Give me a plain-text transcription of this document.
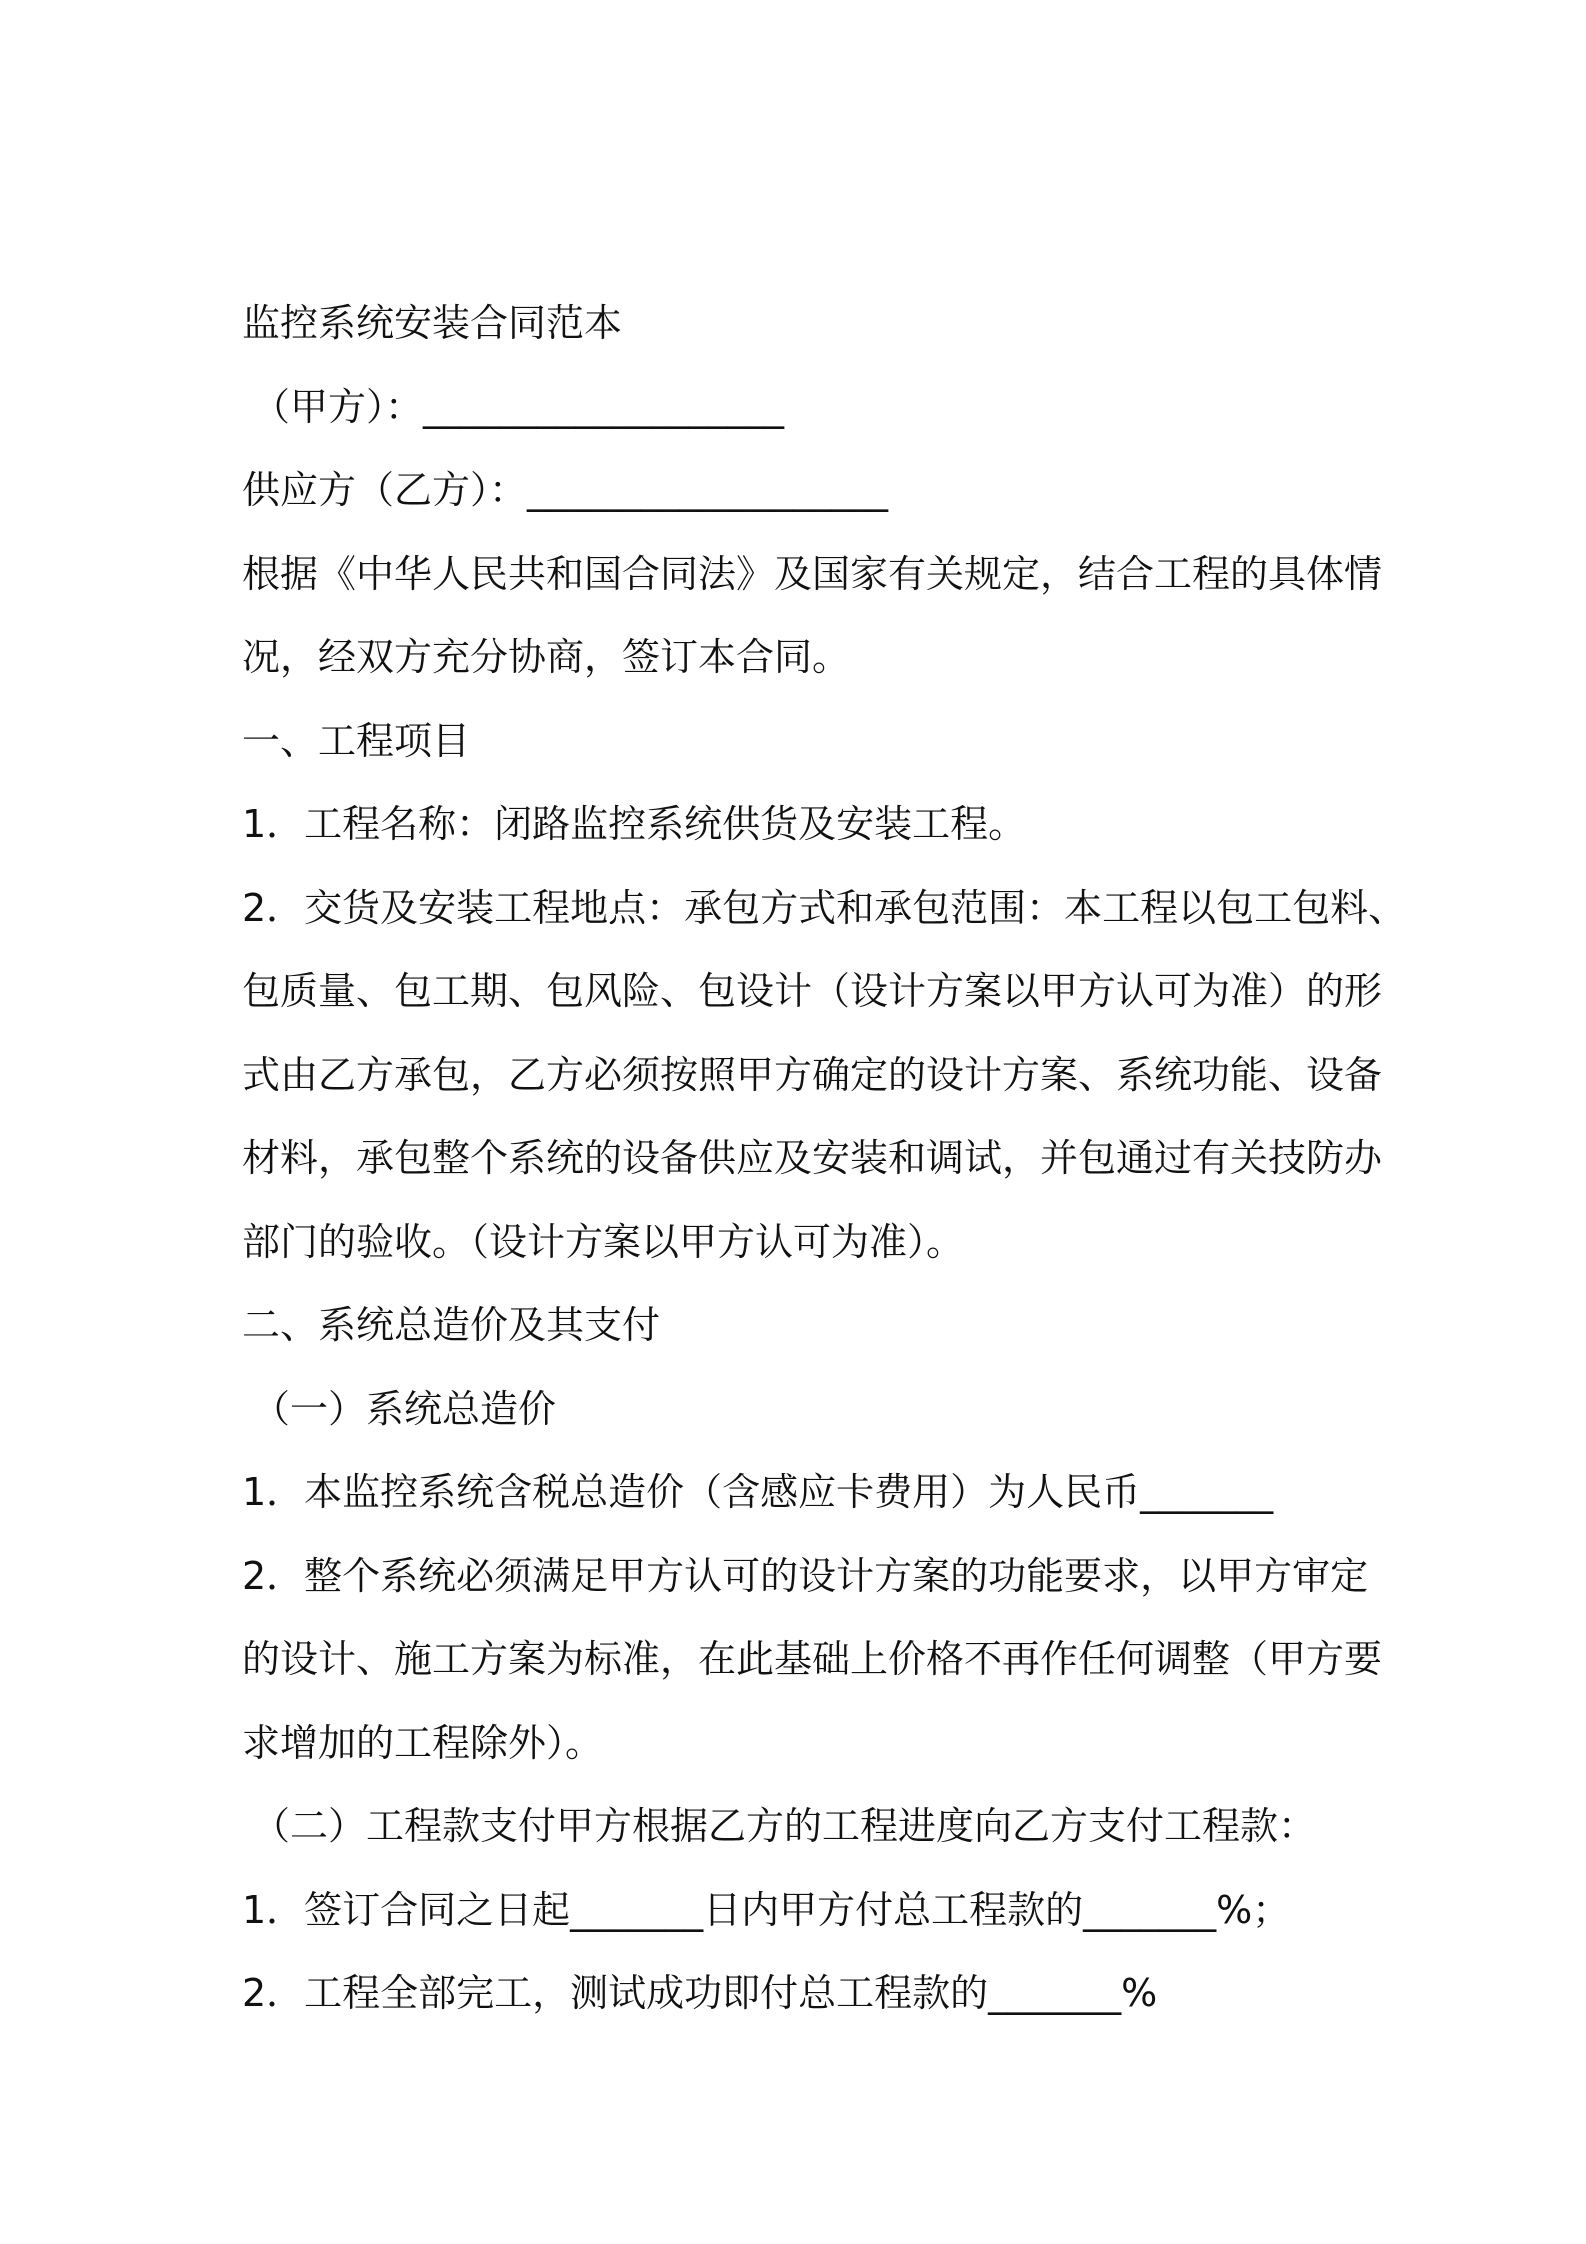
监控系统安装合同范本
（甲方）：___________________
供应方（乙方）：___________________
根据《中华人民共和国合同法》及国家有关规定，结合工程的具体情
况，经双方充分协商，签订本合同。
一、工程项目
1．工程名称：闭路监控系统供货及安装工程。
2．交货及安装工程地点：承包方式和承包范围：本工程以包工包料、
包质量、包工期、包风险、包设计（设计方案以甲方认可为准）的形
式由乙方承包，乙方必须按照甲方确定的设计方案、系统功能、设备
材料，承包整个系统的设备供应及安装和调试，并包通过有关技防办
部门的验收。（设计方案以甲方认可为准）。
二、系统总造价及其支付
（一）系统总造价
1．本监控系统含税总造价（含感应卡费用）为人民币_______
2．整个系统必须满足甲方认可的设计方案的功能要求，以甲方审定
的设计、施工方案为标准，在此基础上价格不再作任何调整（甲方要
求增加的工程除外）。
（二）工程款支付甲方根据乙方的工程进度向乙方支付工程款：
1．签订合同之日起_______日内甲方付总工程款的_______%；
2．工程全部完工，测试成功即付总工程款的_______%
